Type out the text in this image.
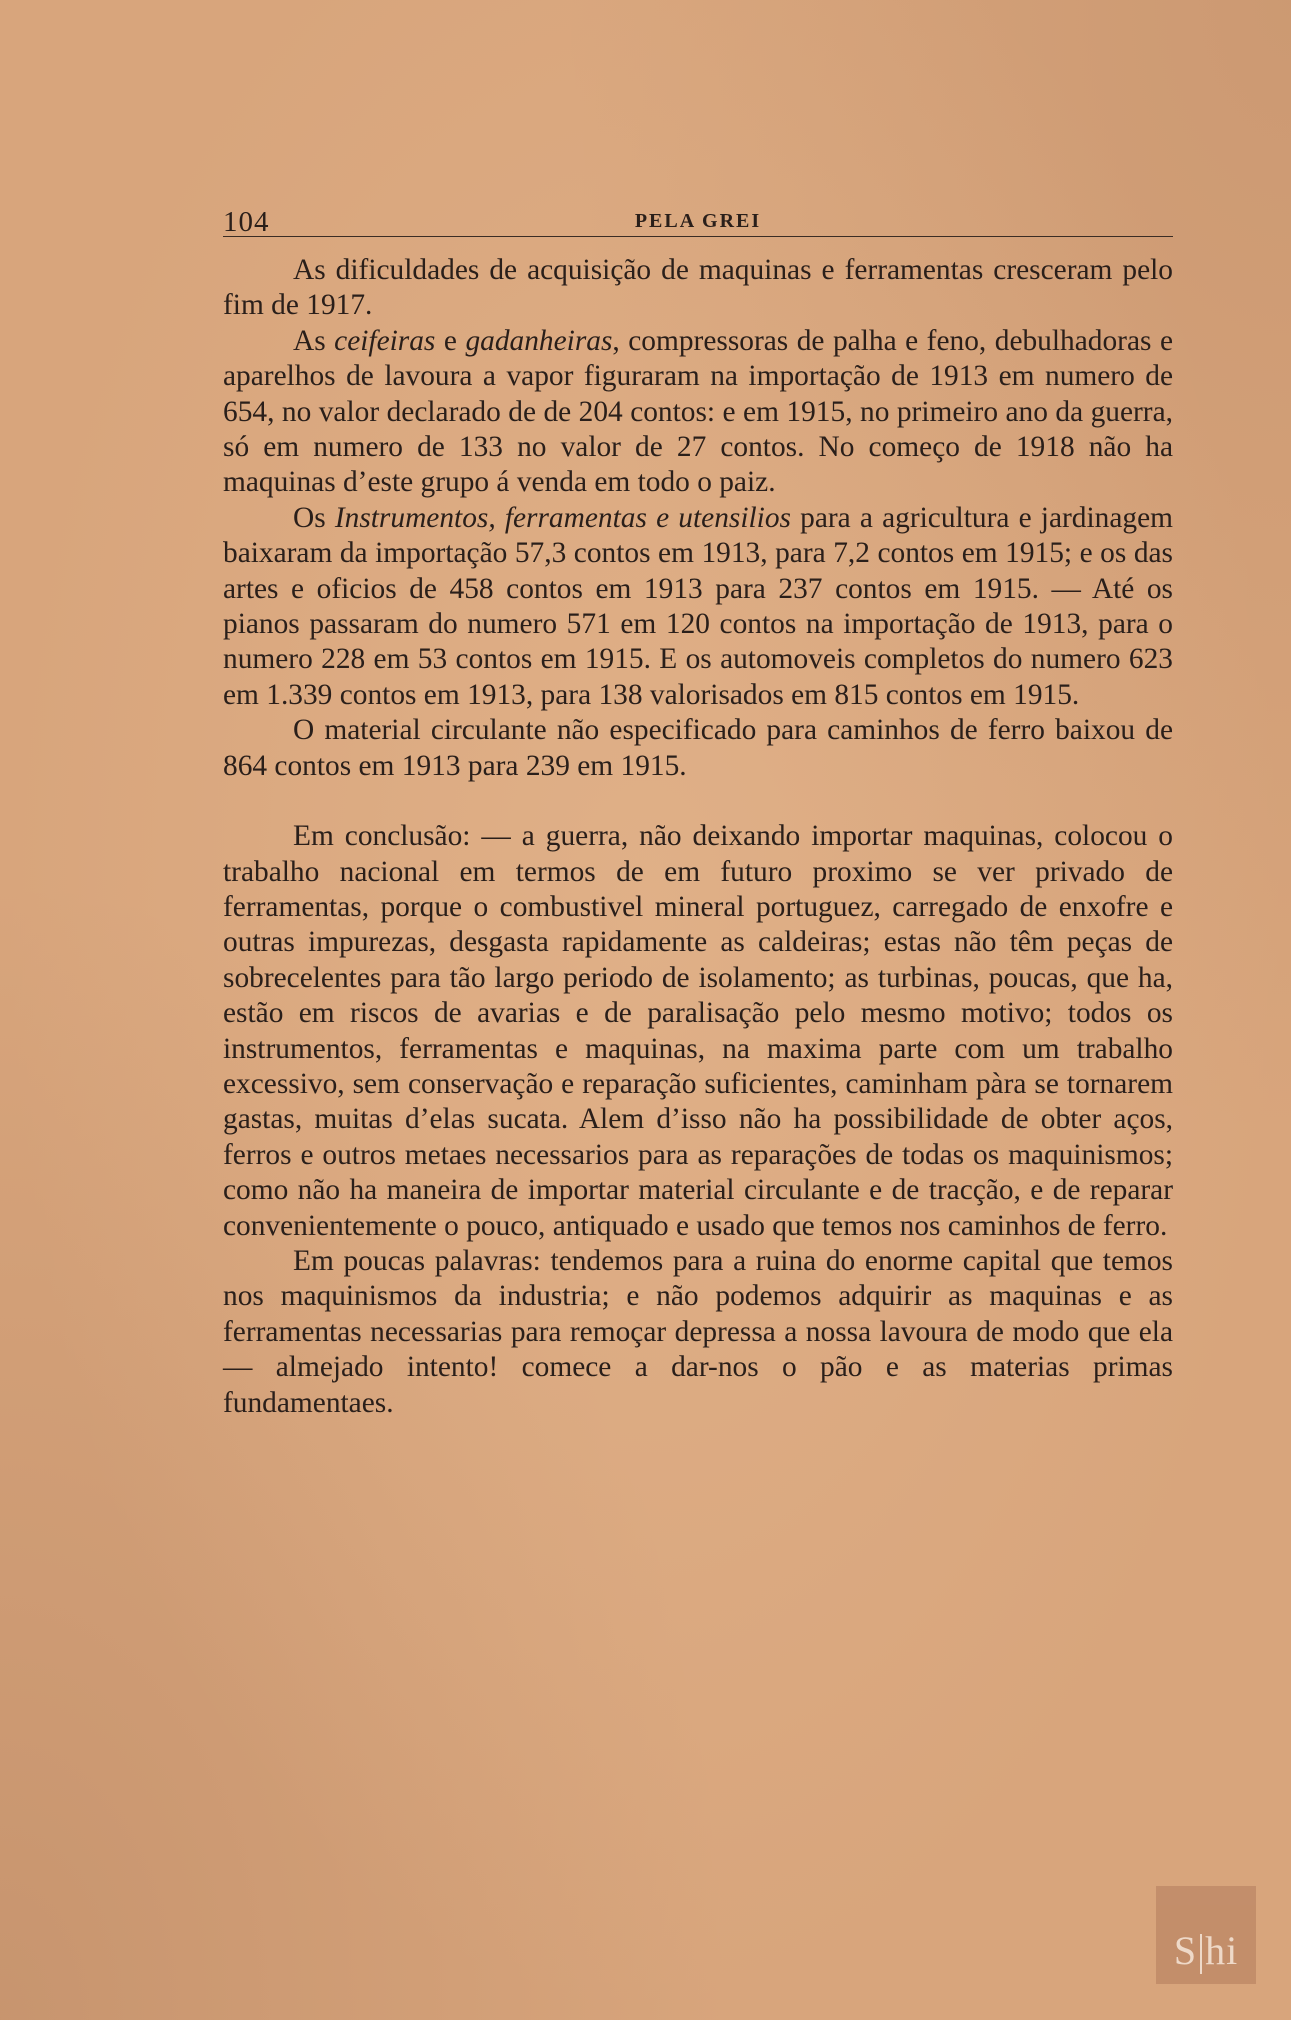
104	PELA GREI

As dificuldades de acquisição de maquinas e ferramentas cresceram pelo fim de 1917.

As ceifeiras e gadanheiras, compressoras de palha e feno, debulhadoras e aparelhos de lavoura a vapor figuraram na importação de 1913 em numero de 654, no valor declarado de de 204 contos: e em 1915, no primeiro ano da guerra, só em numero de 133 no valor de 27 contos. No começo de 1918 não ha maquinas d’este grupo á venda em todo o paiz.

Os Instrumentos, ferramentas e utensilios para a agricultura e jardinagem baixaram da importação 57,3 contos em 1913, para 7,2 contos em 1915; e os das artes e oficios de 458 contos em 1913 para 237 contos em 1915. — Até os pianos passaram do numero 571 em 120 contos na importação de 1913, para o numero 228 em 53 contos em 1915. E os automoveis completos do numero 623 em 1.339 contos em 1913, para 138 valorisados em 815 contos em 1915.

O material circulante não especificado para caminhos de ferro baixou de 864 contos em 1913 para 239 em 1915.

Em conclusão: — a guerra, não deixando importar maquinas, colocou o trabalho nacional em termos de em futuro proximo se ver privado de ferramentas, porque o combustivel mineral portuguez, carregado de enxofre e outras impurezas, desgasta rapidamente as caldeiras; estas não têm peças de sobrecelentes para tão largo periodo de isolamento; as turbinas, poucas, que ha, estão em riscos de avarias e de paralisação pelo mesmo motivo; todos os instrumentos, ferramentas e maquinas, na maxima parte com um trabalho excessivo, sem conservação e reparação suficientes, caminham pàra se tornarem gastas, muitas d’elas sucata. Alem d’isso não ha possibilidade de obter aços, ferros e outros metaes necessarios para as reparações de todas os maquinismos; como não ha maneira de importar material circulante e de tracção, e de reparar convenientemente o pouco, antiquado e usado que temos nos caminhos de ferro.

Em poucas palavras: tendemos para a ruina do enorme capital que temos nos maquinismos da industria; e não podemos adquirir as maquinas e as ferramentas necessarias para remoçar depressa a nossa lavoura de modo que ela — almejado intento! comece a dar-nos o pão e as materias primas fundamentaes.

S hi
